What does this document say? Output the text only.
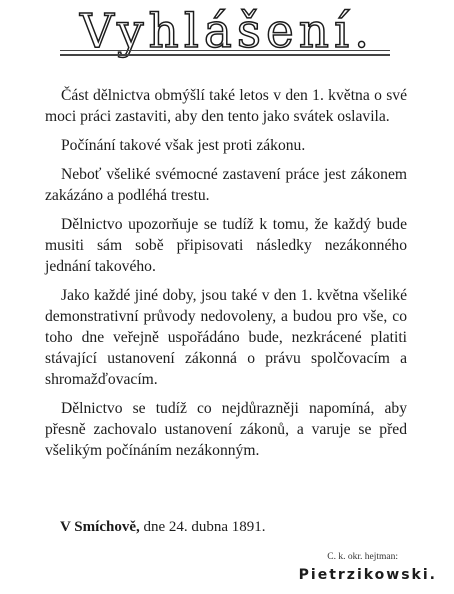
Vyhlášení.

Část dělnictva obmýšlí také letos v den 1. května o své moci práci zastaviti, aby den tento jako svátek oslavila.

Počínání takové však jest proti zákonu.

Neboť všeliké svémocné zastavení práce jest zákonem zakázáno a podléhá trestu.

Dělnictvo upozorňuje se tudíž k tomu, že každý bude musiti sám sobě připisovati následky nezákonného jednání takového.

Jako každé jiné doby, jsou také v den 1. května všeliké demonstrativní průvody nedovoleny, a budou pro vše, co toho dne veřejně uspořádáno bude, nezkrácené platiti stávající ustanovení zákonná o právu spolčovacím a shromažďovacím.

Dělnictvo se tudíž co nejdůrazněji napomíná, aby přesně zachovalo ustanovení zákonů, a varuje se před všelikým počínáním nezákonným.

V Smíchově, dne 24. dubna 1891.
C. k. okr. hejtman:
Pietrzikowski.
